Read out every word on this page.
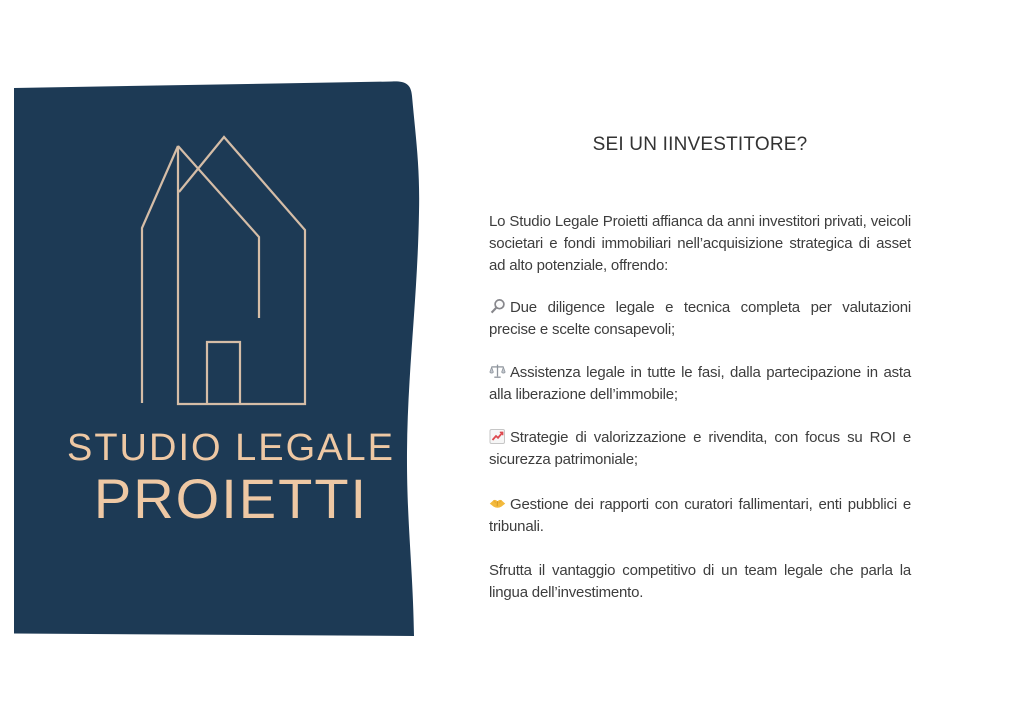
STUDIO LEGALE
PROIETTI
SEI UN IINVESTITORE?

Lo Studio Legale Proietti affianca da anni investitori privati, veicoli societari e fondi immobiliari nell’acquisizione strategica di asset ad alto potenziale, offrendo:

Due diligence legale e tecnica completa per valutazioni precise e scelte consapevoli;

Assistenza legale in tutte le fasi, dalla partecipazione in asta alla liberazione dell’immobile;

Strategie di valorizzazione e rivendita, con focus su ROI e sicurezza patrimoniale;

Gestione dei rapporti con curatori fallimentari, enti pubblici e tribunali.

Sfrutta il vantaggio competitivo di un team legale che parla la lingua dell’investimento.
